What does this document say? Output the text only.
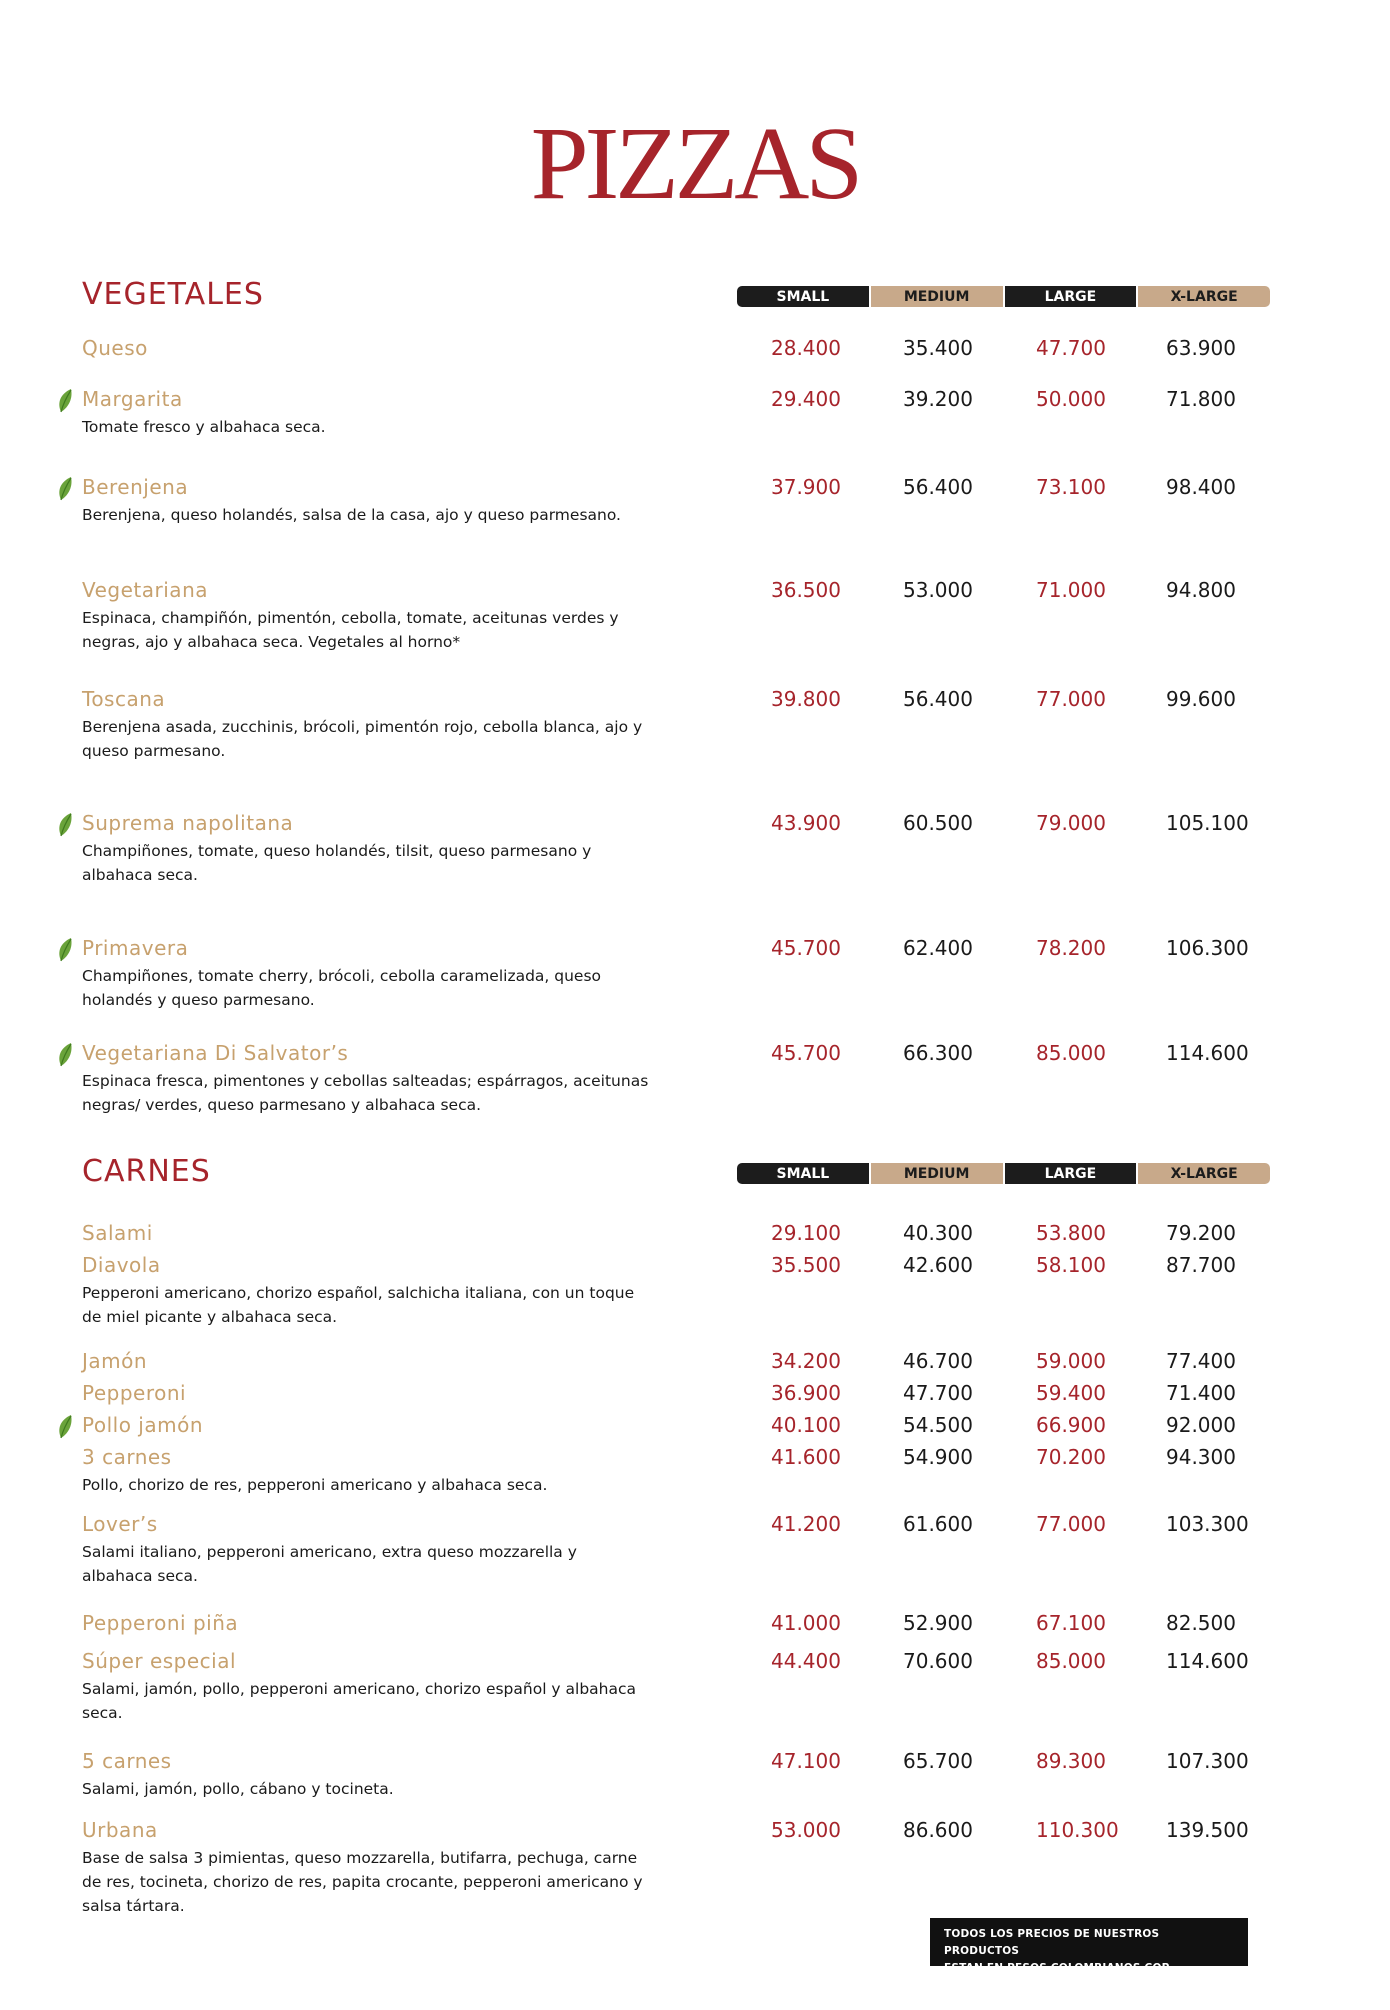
PIZZAS
VEGETALES	SMALL	MEDIUM	LARGE	X-LARGE
Queso	28.400	35.400	47.700	63.900
Margarita
Tomate fresco y albahaca seca.
29.400	39.200	50.000	71.800
Berenjena
Berenjena, queso holandés, salsa de la casa, ajo y queso parmesano.
37.900	56.400	73.100	98.400
Vegetariana
Espinaca, champiñón, pimentón, cebolla, tomate, aceitunas verdes y negras, ajo y albahaca seca. Vegetales al horno*
36.500	53.000	71.000	94.800
Toscana
Berenjena asada, zucchinis, brócoli, pimentón rojo, cebolla blanca, ajo y queso parmesano.
39.800	56.400	77.000	99.600
Suprema napolitana
Champiñones, tomate, queso holandés, tilsit, queso parmesano y albahaca seca.
43.900	60.500	79.000	105.100
Primavera
Champiñones, tomate cherry, brócoli, cebolla caramelizada, queso holandés y queso parmesano.
45.700	62.400	78.200	106.300
Vegetariana Di Salvator’s
Espinaca fresca, pimentones y cebollas salteadas; espárragos, aceitunas negras/ verdes, queso parmesano y albahaca seca.
45.700	66.300	85.000	114.600
CARNES	SMALL	MEDIUM	LARGE	X-LARGE
Salami	29.100	40.300	53.800	79.200
Diavola
Pepperoni americano, chorizo español, salchicha italiana, con un toque de miel picante y albahaca seca.
35.500	42.600	58.100	87.700
Jamón	34.200	46.700	59.000	77.400
Pepperoni	36.900	47.700	59.400	71.400
Pollo jamón	40.100	54.500	66.900	92.000
3 carnes
Pollo, chorizo de res, pepperoni americano y albahaca seca.
41.600	54.900	70.200	94.300
Lover’s
Salami italiano, pepperoni americano, extra queso mozzarella y albahaca seca.
41.200	61.600	77.000	103.300
Pepperoni piña	41.000	52.900	67.100	82.500
Súper especial
Salami, jamón, pollo, pepperoni americano, chorizo español y albahaca seca.
44.400	70.600	85.000	114.600
5 carnes
Salami, jamón, pollo, cábano y tocineta.
47.100	65.700	89.300	107.300
Urbana
Base de salsa 3 pimientas, queso mozzarella, butifarra, pechuga, carne de res, tocineta, chorizo de res, papita crocante, pepperoni americano y salsa tártara.
53.000	86.600	110.300 139.500
TODOS LOS PRECIOS DE NUESTROS PRODUCTOS
ESTAN EN PESOS COLOMBIANOS COP.
